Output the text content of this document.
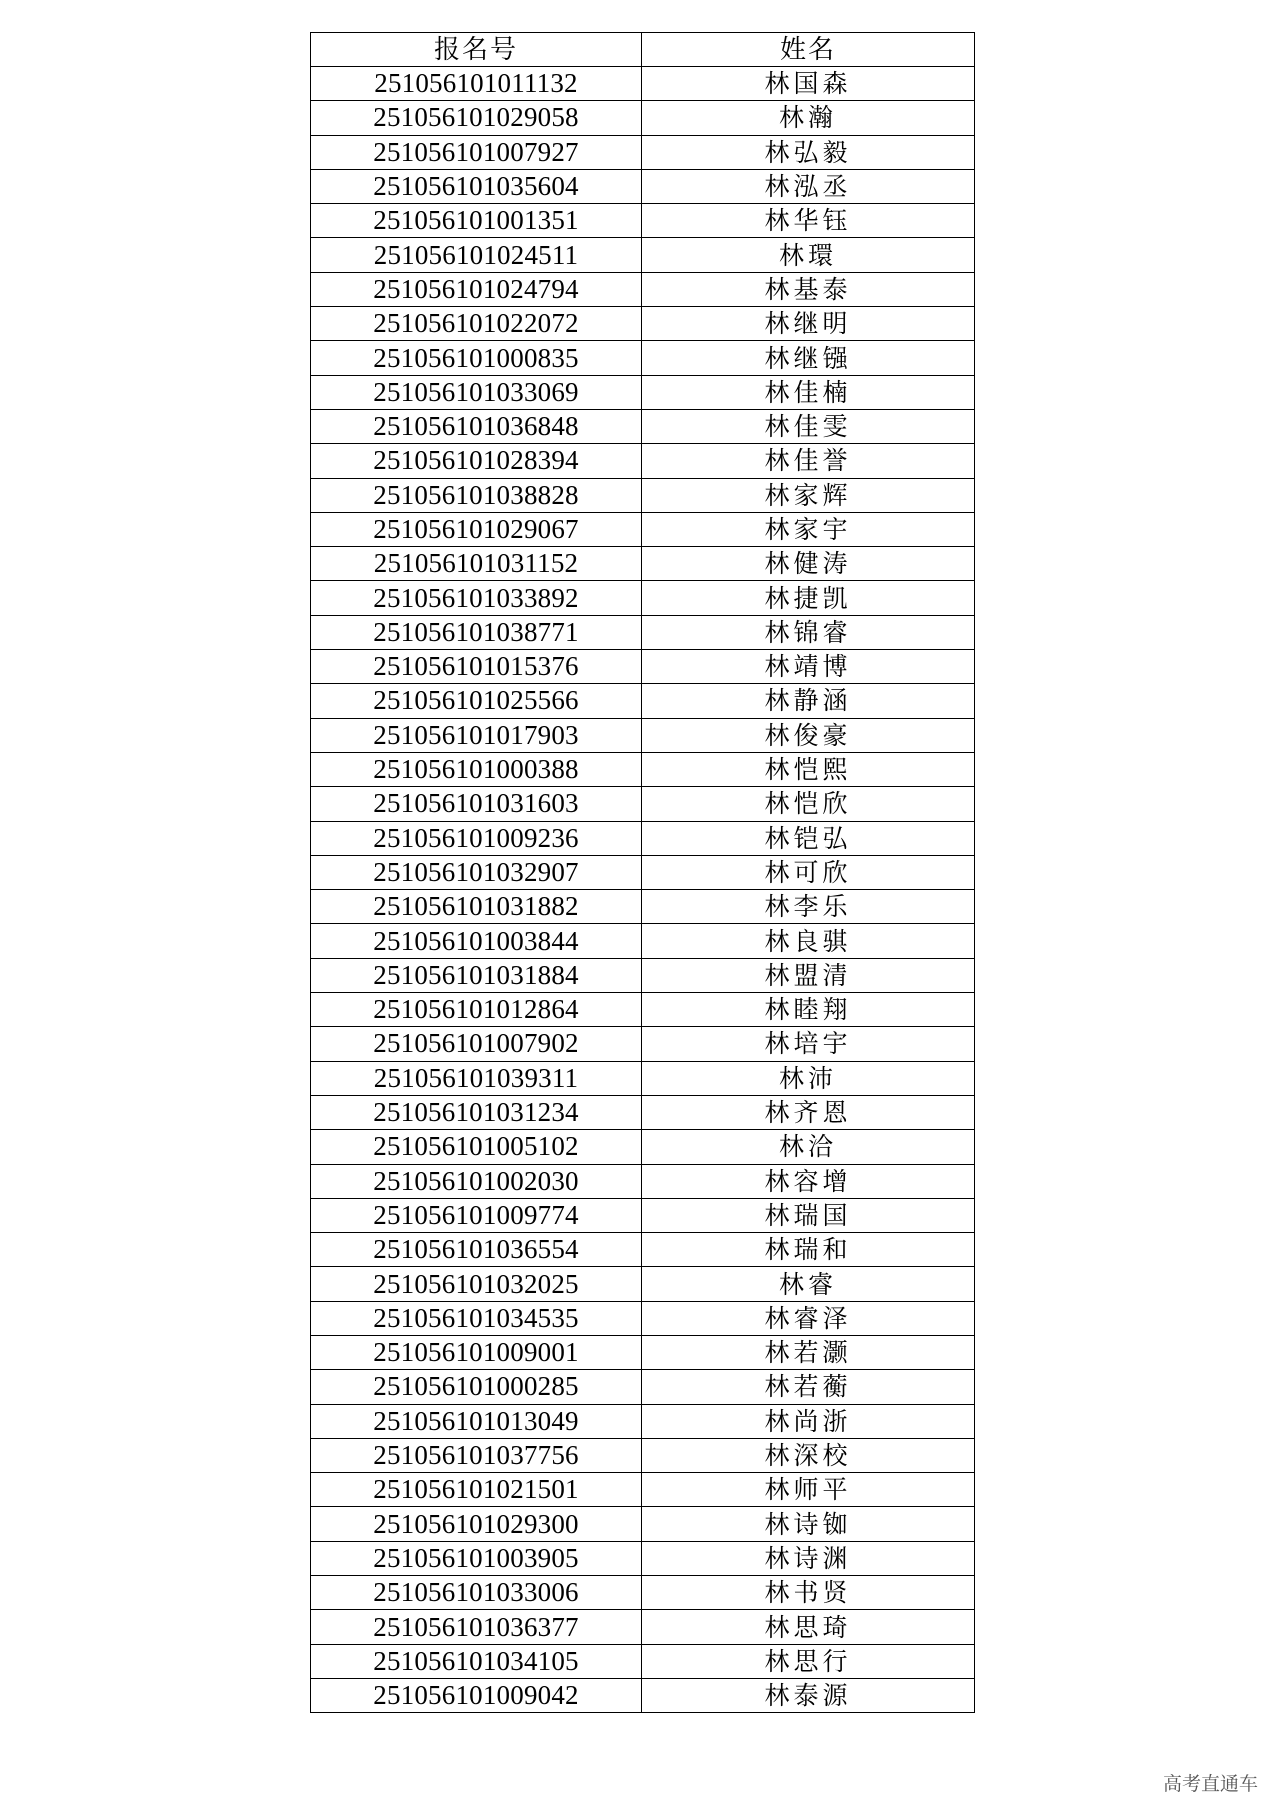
报名号	姓名
251056101011132	林国森
251056101029058	林瀚
251056101007927	林弘毅
251056101035604	林泓丞
251056101001351	林华钰
251056101024511	林環
251056101024794	林基泰
251056101022072	林继明
251056101000835	林继镪
251056101033069	林佳楠
251056101036848	林佳雯
251056101028394	林佳誉
251056101038828	林家辉
251056101029067	林家宇
251056101031152	林健涛
251056101033892	林捷凯
251056101038771	林锦睿
251056101015376	林靖博
251056101025566	林静涵
251056101017903	林俊豪
251056101000388	林恺熙
251056101031603	林恺欣
251056101009236	林铠弘
251056101032907	林可欣
251056101031882	林李乐
251056101003844	林良骐
251056101031884	林盟清
251056101012864	林睦翔
251056101007902	林培宇
251056101039311	林沛
251056101031234	林齐恩
251056101005102	林洽
251056101002030	林容增
251056101009774	林瑞国
251056101036554	林瑞和
251056101032025	林睿
251056101034535	林睿泽
251056101009001	林若灏
251056101000285	林若蘅
251056101013049	林尚浙
251056101037756	林深校
251056101021501	林师平
251056101029300	林诗铷
251056101003905	林诗渊
251056101033006	林书贤
251056101036377	林思琦
251056101034105	林思行
251056101009042	林泰源
高考直通车
